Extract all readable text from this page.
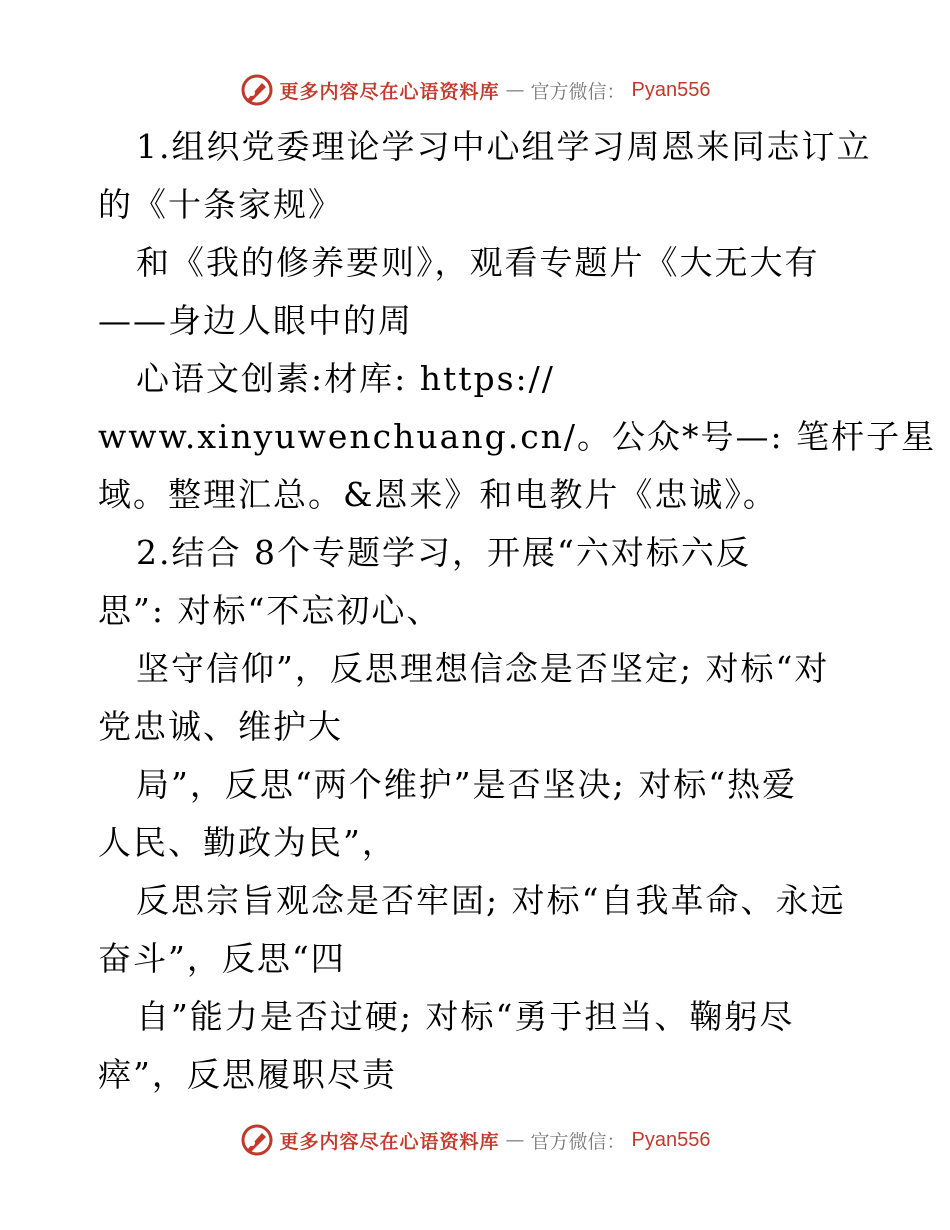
更多内容尽在心语资料库 — 官方微信： Pyan556
1.组织党委理论学习中心组学习周恩来同志订立
的《十条家规》
和《我的修养要则》，观看专题片《大无大有
——身边人眼中的周
心语文创素:材库: https://
www.xinyuwenchuang.cn/。公众*号—: 笔杆子星
域。整理汇总。&恩来》和电教片《忠诚》。
2.结合 8个专题学习，开展“六对标六反
思”: 对标“不忘初心、
坚守信仰”，反思理想信念是否坚定; 对标“对
党忠诚、维护大
局”，反思“两个维护”是否坚决; 对标“热爱
人民、勤政为民”，
反思宗旨观念是否牢固; 对标“自我革命、永远
奋斗”，反思“四
自”能力是否过硬; 对标“勇于担当、鞠躬尽
瘁”，反思履职尽责
更多内容尽在心语资料库 — 官方微信： Pyan556
